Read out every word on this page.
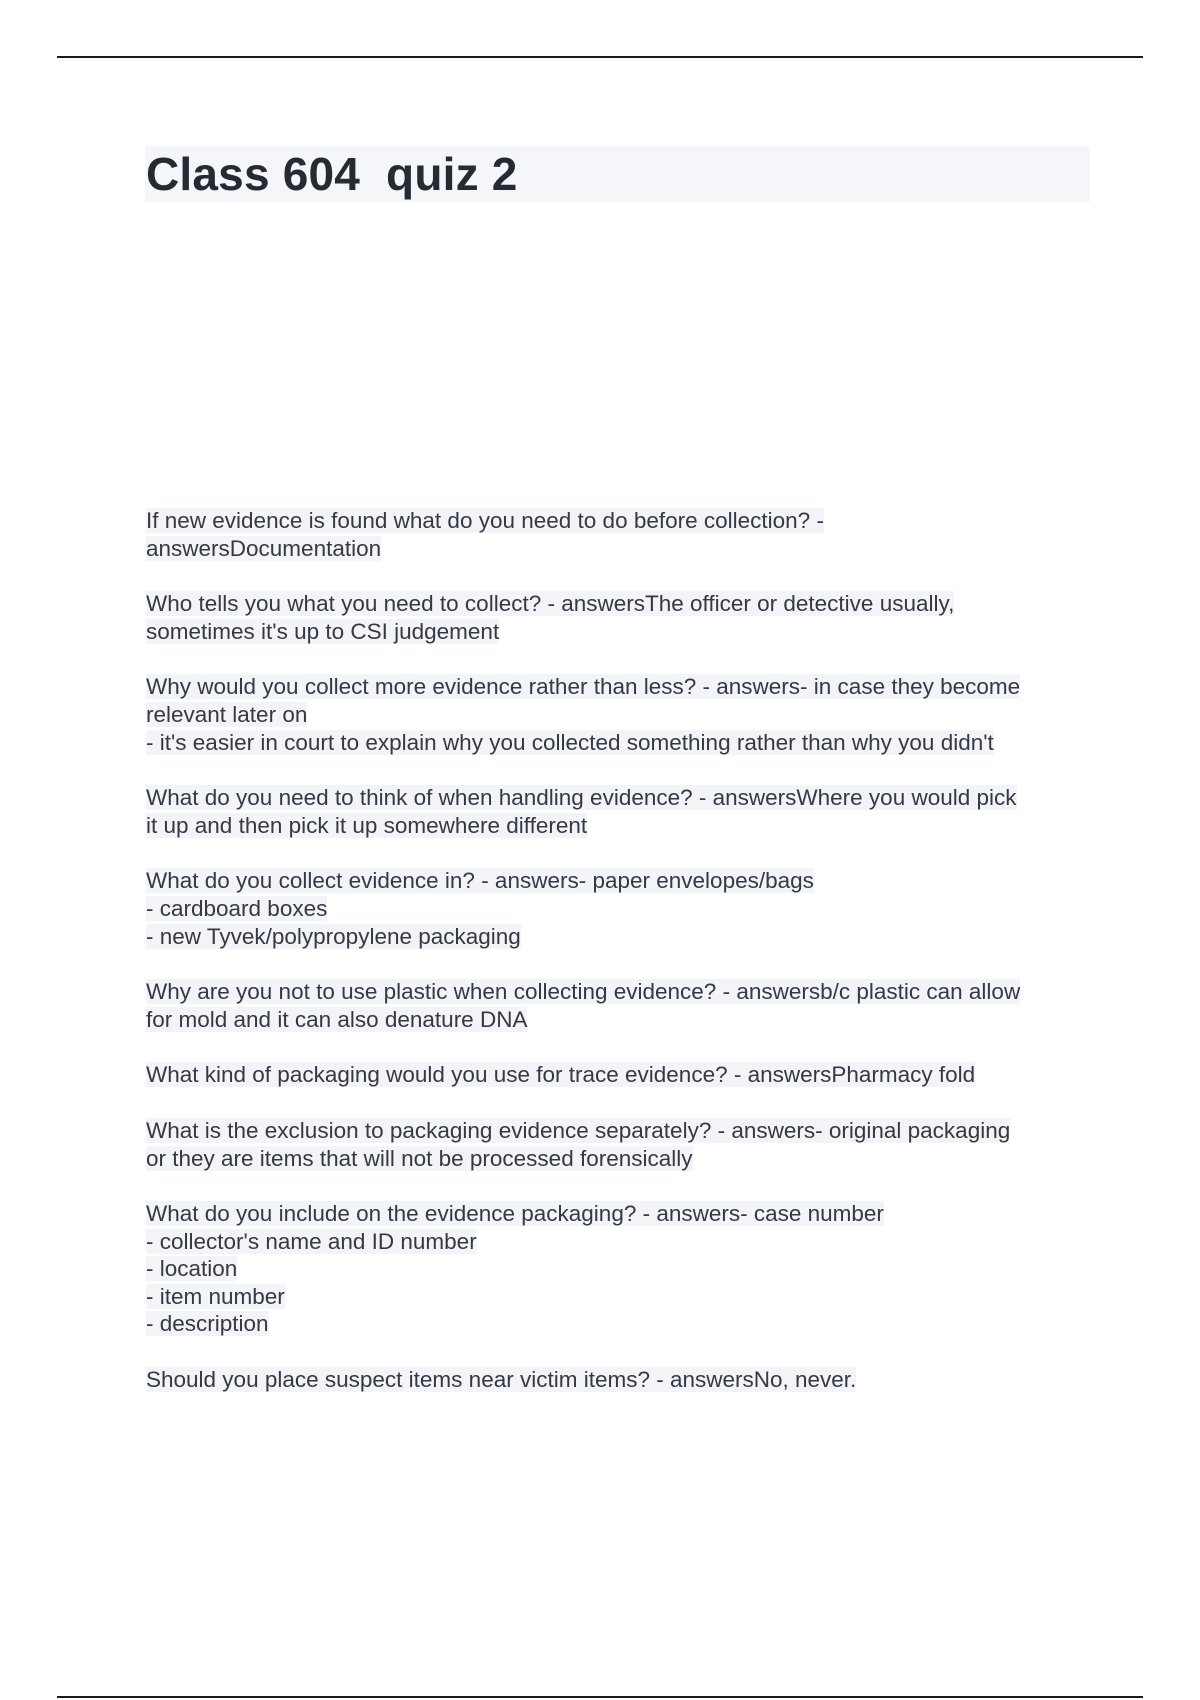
Class 604  quiz 2

If new evidence is found what do you need to do before collection? -
answersDocumentation

Who tells you what you need to collect? - answersThe officer or detective usually,
sometimes it's up to CSI judgement

Why would you collect more evidence rather than less? - answers- in case they become
relevant later on
- it's easier in court to explain why you collected something rather than why you didn't

What do you need to think of when handling evidence? - answersWhere you would pick
it up and then pick it up somewhere different

What do you collect evidence in? - answers- paper envelopes/bags
- cardboard boxes
- new Tyvek/polypropylene packaging

Why are you not to use plastic when collecting evidence? - answersb/c plastic can allow
for mold and it can also denature DNA

What kind of packaging would you use for trace evidence? - answersPharmacy fold

What is the exclusion to packaging evidence separately? - answers- original packaging
or they are items that will not be processed forensically

What do you include on the evidence packaging? - answers- case number
- collector's name and ID number
- location
- item number
- description

Should you place suspect items near victim items? - answersNo, never.
